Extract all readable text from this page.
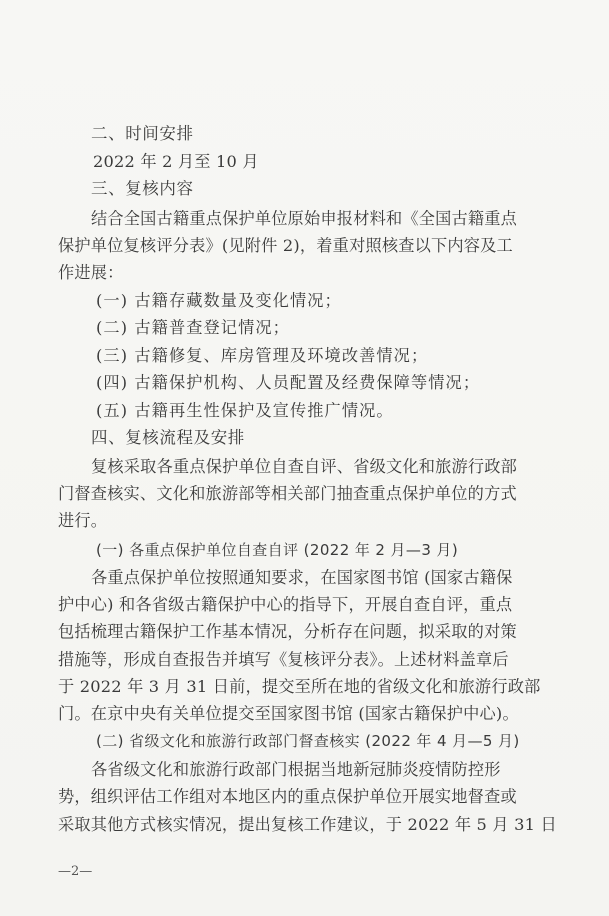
二、时间安排
2022 年 2 月至 10 月
三、复核内容
结合全国古籍重点保护单位原始申报材料和《全国古籍重点
保护单位复核评分表》(见附件 2)，着重对照核查以下内容及工
作进展：
(一) 古籍存藏数量及变化情况；
(二) 古籍普查登记情况；
(三) 古籍修复、库房管理及环境改善情况；
(四) 古籍保护机构、人员配置及经费保障等情况；
(五) 古籍再生性保护及宣传推广情况。
四、复核流程及安排
复核采取各重点保护单位自查自评、省级文化和旅游行政部
门督查核实、文化和旅游部等相关部门抽查重点保护单位的方式
进行。
(一) 各重点保护单位自查自评 (2022 年 2 月—3 月)
各重点保护单位按照通知要求，在国家图书馆 (国家古籍保
护中心) 和各省级古籍保护中心的指导下，开展自查自评，重点
包括梳理古籍保护工作基本情况，分析存在问题，拟采取的对策
措施等，形成自查报告并填写《复核评分表》。上述材料盖章后
于 2022 年 3 月 31 日前，提交至所在地的省级文化和旅游行政部
门。在京中央有关单位提交至国家图书馆 (国家古籍保护中心)。
(二) 省级文化和旅游行政部门督查核实 (2022 年 4 月—5 月)
各省级文化和旅游行政部门根据当地新冠肺炎疫情防控形
势，组织评估工作组对本地区内的重点保护单位开展实地督查或
采取其他方式核实情况，提出复核工作建议，于 2022 年 5 月 31 日
—2—
